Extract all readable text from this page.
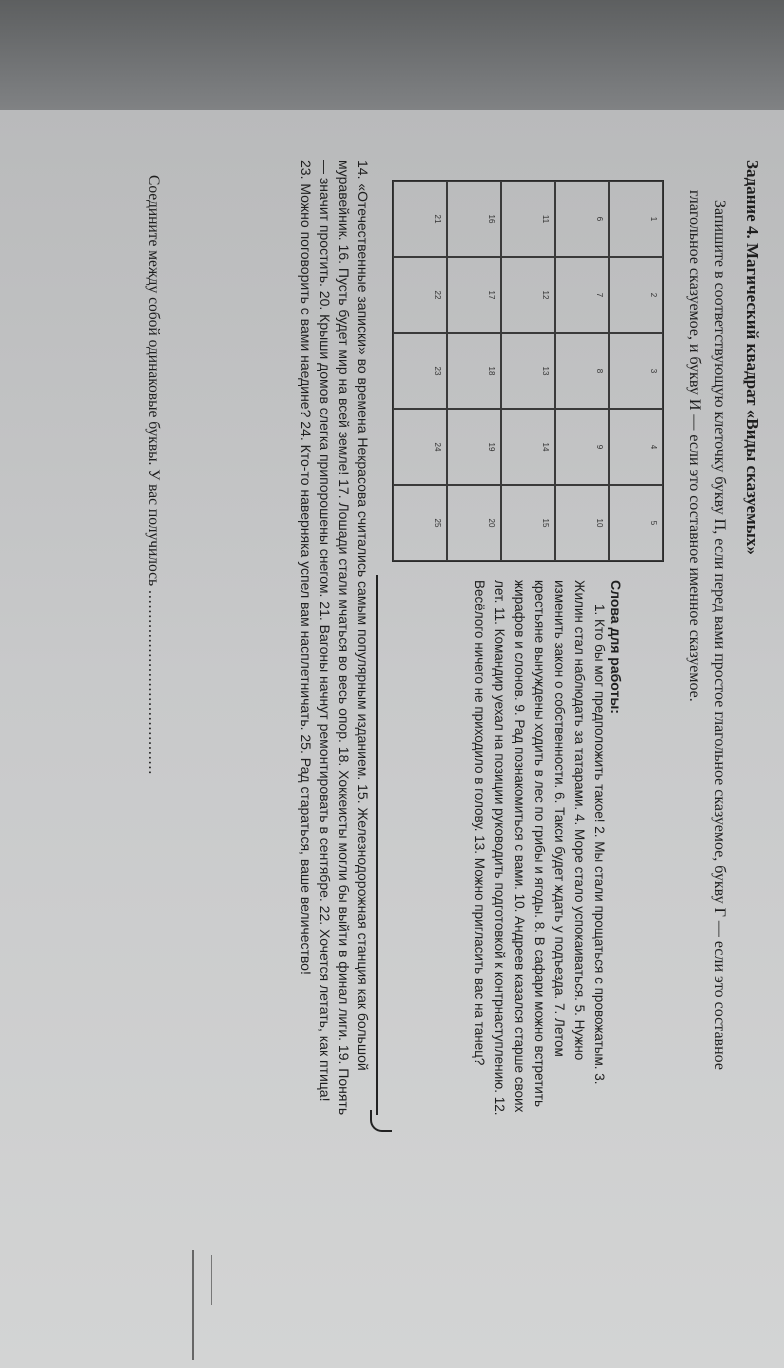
Задание 4. Магический квадрат «Виды сказуемых»
Запишите в соответствующую клеточку букву П, если перед вами простое глагольное сказуемое, букву Г — если это составное глагольное сказуемое, и букву И — если это составное именное сказуемое.
1
2
3
4
5
6
7
8
9
10
11
12
13
14
15
16
17
18
19
20
21
22
23
24
25
Слова для работы:
1. Кто бы мог предположить такое! 2. Мы стали прощаться с провожатым. 3. Жилин стал наблюдать за татарами. 4. Море стало успокаиваться. 5. Нужно изменить закон о собственности. 6. Такси будет ждать у подъезда. 7. Летом крестьяне вынуждены ходить в лес по грибы и ягоды. 8. В сафари можно встретить жирафов и слонов. 9. Рад познакомиться с вами. 10. Андреев казался старше своих лет. 11. Командир уехал на позиции руководить подготовкой к контрнаступлению. 12. Весёлого ничего не приходило в голову. 13. Можно пригласить вас на танец?
14. «Отечественные записки» во времена Некрасова считались самым популярным изданием. 15. Железнодорожная станция как большой муравейник. 16. Пусть будет мир на всей земле! 17. Лошади стали мчаться во весь опор. 18. Хоккеисты могли бы выйти в финал лиги. 19. Понять — значит простить. 20. Крыши домов слегка припорошены снегом. 21. Вагоны начнут ремонтировать в сентябре. 22. Хочется летать, как птица! 23. Можно поговорить с вами наедине? 24. Кто-то наверняка успел вам насплетничать. 25. Рад стараться, ваше величество!
Соедините между собой одинаковые буквы. У вас получилось ......................................
